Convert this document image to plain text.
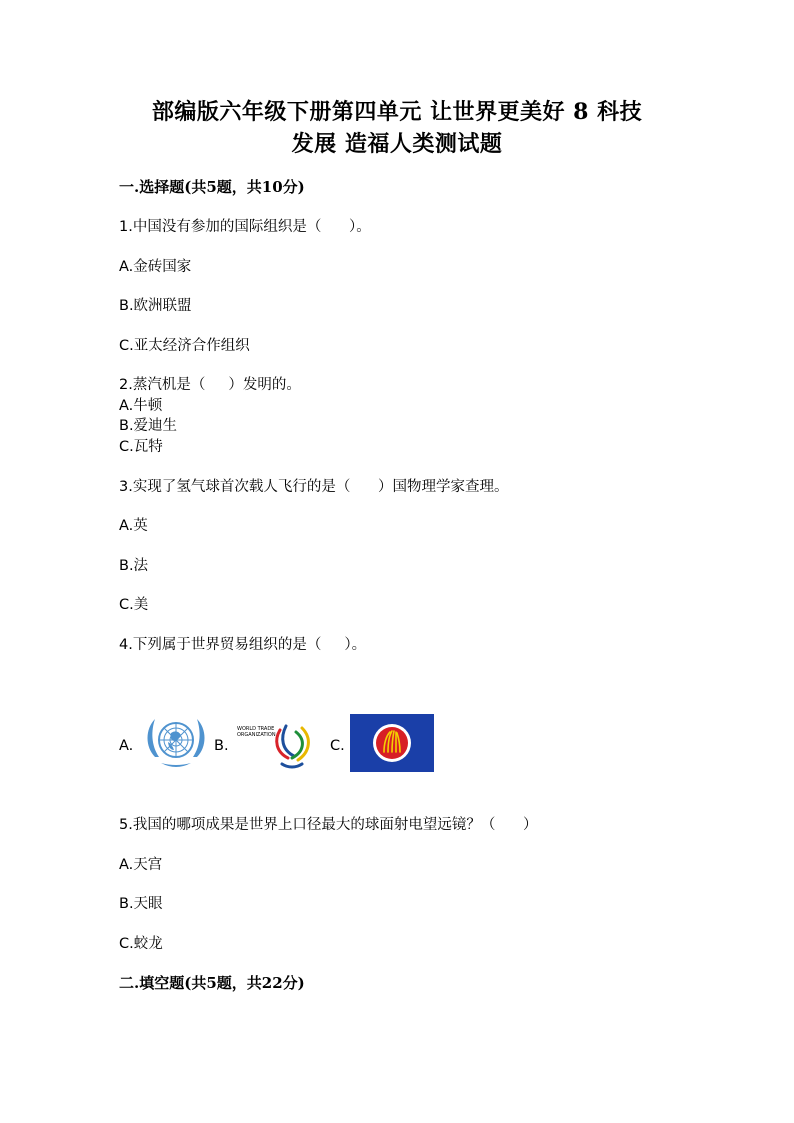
部编版六年级下册第四单元 让世界更美好 8 科技
发展 造福人类测试题
一.选择题(共5题，共10分)
1.中国没有参加的国际组织是（      ）。
A.金砖国家
B.欧洲联盟
C.亚太经济合作组织
2.蒸汽机是（     ）发明的。
A.牛顿
B.爱迪生
C.瓦特
3.实现了氢气球首次载人飞行的是（      ）国物理学家查理。
A.英
B.法
C.美
4.下列属于世界贸易组织的是（     ）。
A.	B.
WORLD TRADE
ORGANIZATION
C.
5.我国的哪项成果是世界上口径最大的球面射电望远镜？（      ）
A.天宫
B.天眼
C.蛟龙
二.填空题(共5题，共22分)
